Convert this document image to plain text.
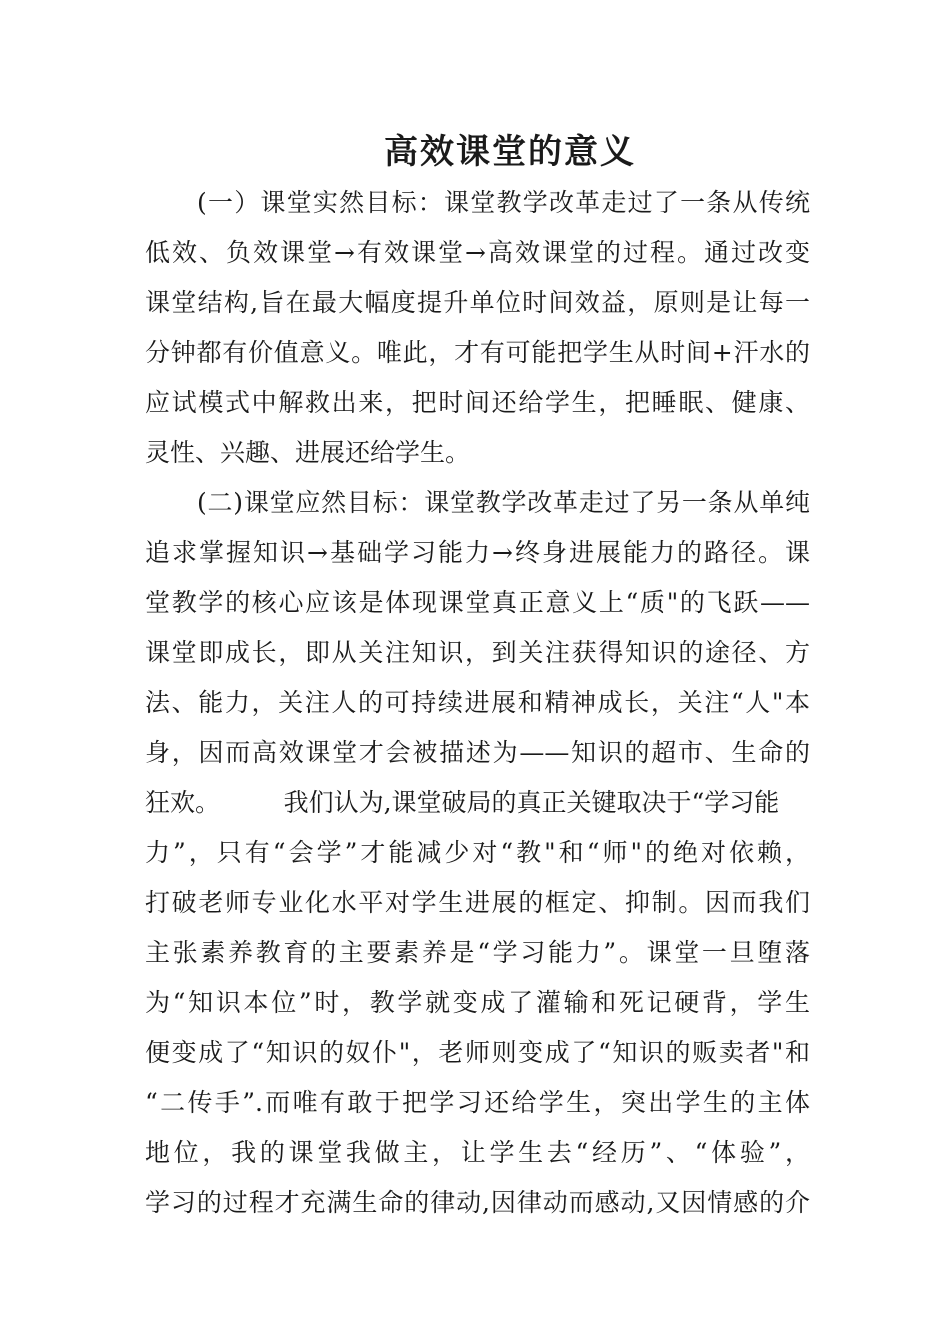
高效课堂的意义
(一）课堂实然目标：课堂教学改革走过了一条从传统
低效、负效课堂→有效课堂→高效课堂的过程。通过改变
课堂结构,旨在最大幅度提升单位时间效益，原则是让每一
分钟都有价值意义。唯此，才有可能把学生从时间+汗水的
应试模式中解救出来，把时间还给学生，把睡眠、健康、
灵性、兴趣、进展还给学生。
(二)课堂应然目标：课堂教学改革走过了另一条从单纯
追求掌握知识→基础学习能力→终身进展能力的路径。课
堂教学的核心应该是体现课堂真正意义上“质"的飞跃——
课堂即成长，即从关注知识，到关注获得知识的途径、方
法、能力，关注人的可持续进展和精神成长，关注“人"本
身，因而高效课堂才会被描述为——知识的超市、生命的
狂欢。        我们认为,课堂破局的真正关键取决于“学习能
力”，只有“会学”才能减少对“教"和“师"的绝对依赖，
打破老师专业化水平对学生进展的框定、抑制。因而我们
主张素养教育的主要素养是“学习能力”。课堂一旦堕落
为“知识本位”时，教学就变成了灌输和死记硬背，学生
便变成了“知识的奴仆"，老师则变成了“知识的贩卖者"和
“二传手”.而唯有敢于把学习还给学生，突出学生的主体
地位，我的课堂我做主，让学生去“经历”、“体验”，
学习的过程才充满生命的律动,因律动而感动,又因情感的介
